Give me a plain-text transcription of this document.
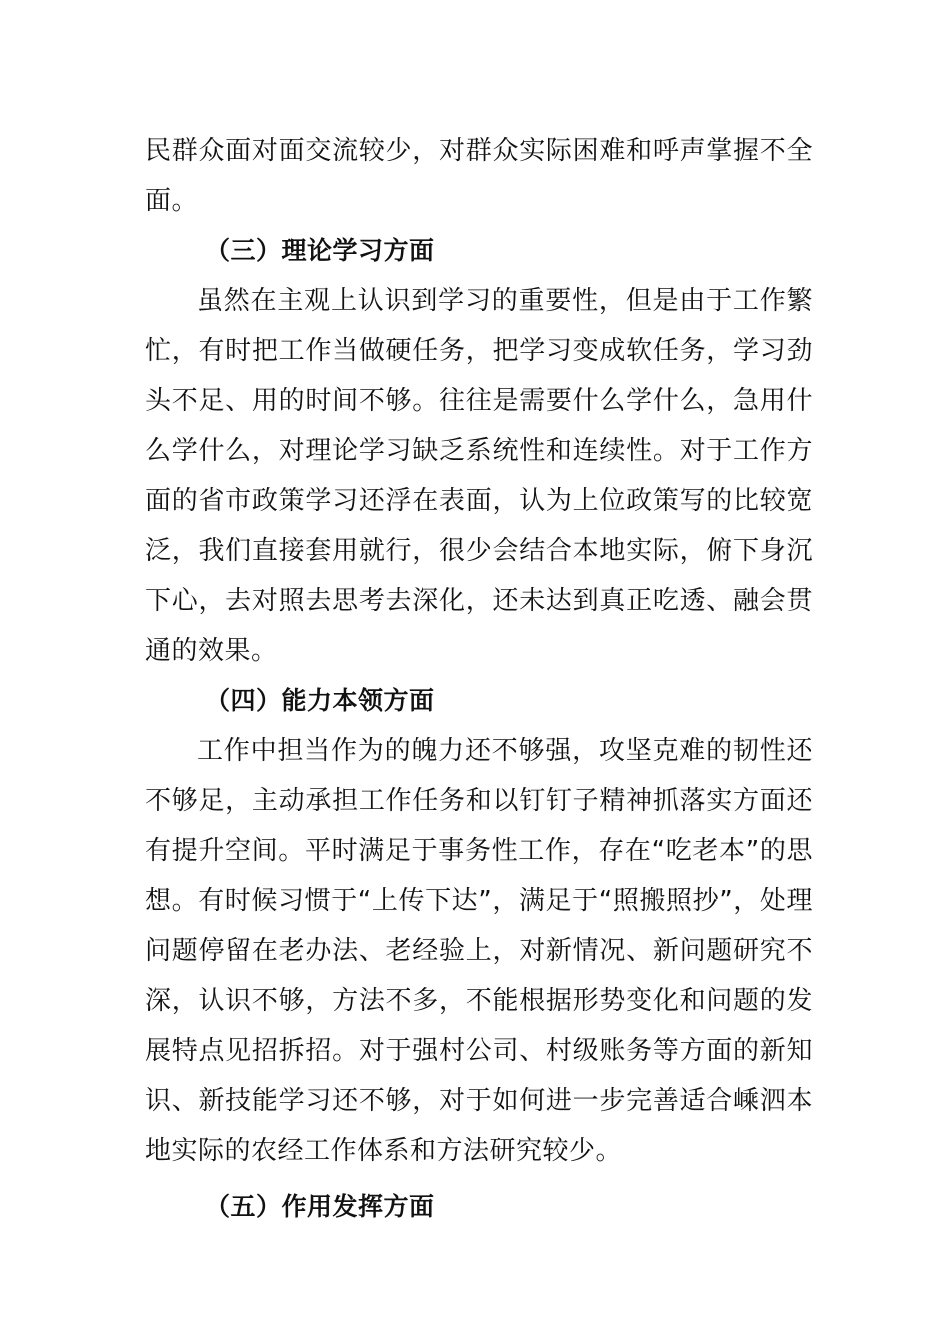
民群众面对面交流较少，对群众实际困难和呼声掌握不全面。

（三）理论学习方面

虽然在主观上认识到学习的重要性，但是由于工作繁忙，有时把工作当做硬任务，把学习变成软任务，学习劲头不足、用的时间不够。往往是需要什么学什么，急用什么学什么，对理论学习缺乏系统性和连续性。对于工作方面的省市政策学习还浮在表面，认为上位政策写的比较宽泛，我们直接套用就行，很少会结合本地实际，俯下身沉下心，去对照去思考去深化，还未达到真正吃透、融会贯通的效果。

（四）能力本领方面

工作中担当作为的魄力还不够强，攻坚克难的韧性还不够足，主动承担工作任务和以钉钉子精神抓落实方面还有提升空间。平时满足于事务性工作，存在“吃老本”的思想。有时候习惯于“上传下达”，满足于“照搬照抄”，处理问题停留在老办法、老经验上，对新情况、新问题研究不深，认识不够，方法不多，不能根据形势变化和问题的发展特点见招拆招。对于强村公司、村级账务等方面的新知识、新技能学习还不够，对于如何进一步完善适合嵊泗本地实际的农经工作体系和方法研究较少。

（五）作用发挥方面
